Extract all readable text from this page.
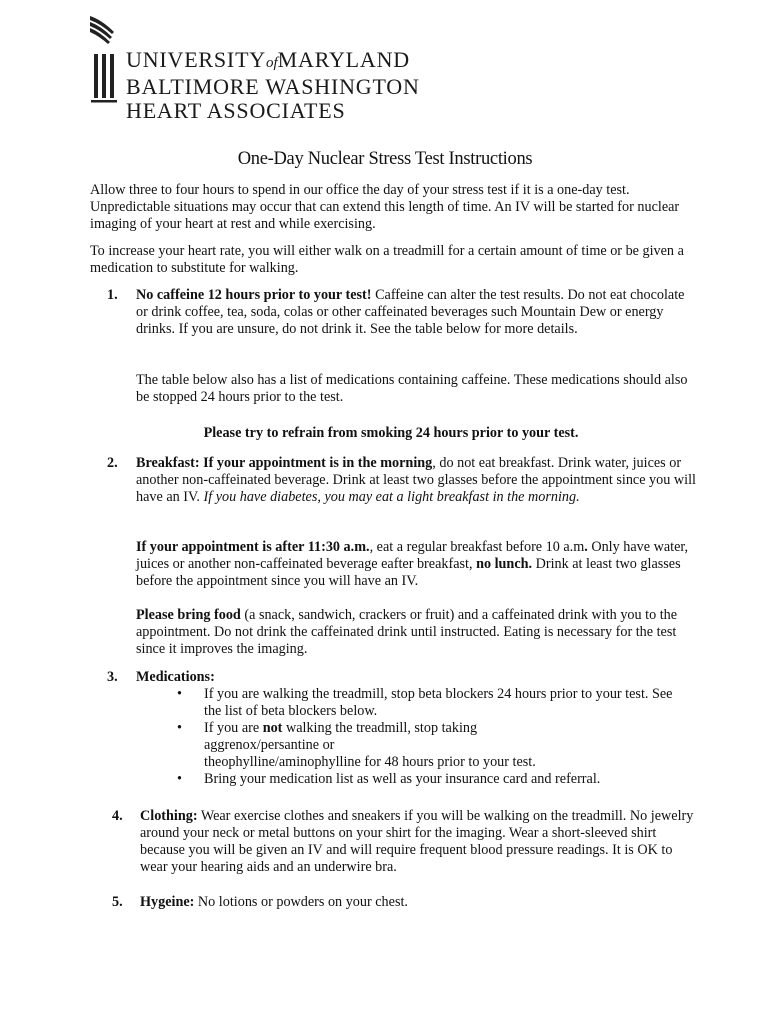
UNIVERSITYofMARYLAND
BALTIMORE WASHINGTON
HEART ASSOCIATES
One-Day Nuclear Stress Test Instructions
Allow three to four hours to spend in our office the day of your stress test if it is a one-day test. Unpredictable situations may occur that can extend this length of time. An IV will be started for nuclear imaging of your heart at rest and while exercising.
To increase your heart rate, you will either walk on a treadmill for a certain amount of time or be given a medication to substitute for walking.
1. No caffeine 12 hours prior to your test! Caffeine can alter the test results. Do not eat chocolate or drink coffee, tea, soda, colas or other caffeinated beverages such Mountain Dew or energy drinks. If you are unsure, do not drink it. See the table below for more details.
The table below also has a list of medications containing caffeine. These medications should also be stopped 24 hours prior to the test.
Please try to refrain from smoking 24 hours prior to your test.
2. Breakfast: If your appointment is in the morning, do not eat breakfast. Drink water, juices or another non-caffeinated beverage. Drink at least two glasses before the appointment since you will have an IV. If you have diabetes, you may eat a light breakfast in the morning.
If your appointment is after 11:30 a.m., eat a regular breakfast before 10 a.m. Only have water, juices or another non-caffeinated beverage eafter breakfast, no lunch. Drink at least two glasses before the appointment since you will have an IV.
Please bring food (a snack, sandwich, crackers or fruit) and a caffeinated drink with you to the appointment. Do not drink the caffeinated drink until instructed. Eating is necessary for the test since it improves the imaging.
3. Medications:
• If you are walking the treadmill, stop beta blockers 24 hours prior to your test. See the list of beta blockers below.
• If you are not walking the treadmill, stop taking
aggrenox/persantine or
theophylline/aminophylline for 48 hours prior to your test.
• Bring your medication list as well as your insurance card and referral.
4. Clothing: Wear exercise clothes and sneakers if you will be walking on the treadmill. No jewelry around your neck or metal buttons on your shirt for the imaging. Wear a short-sleeved shirt because you will be given an IV and will require frequent blood pressure readings. It is OK to wear your hearing aids and an underwire bra.
5. Hygeine: No lotions or powders on your chest.
